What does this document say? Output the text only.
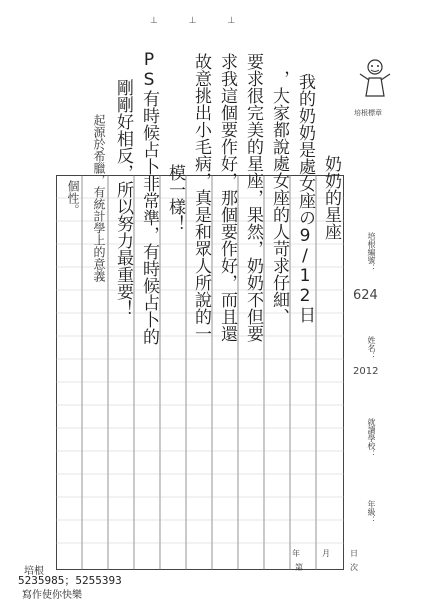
⊥ ⊥ ⊥
培根標章
奶奶的星座
我的奶奶是處女座の9/12日
，大家都說處女座的人苛求仔細、
要求很完美的星座，果然，奶奶不但要
求我這個要作好，那個要作好，而且還
故意挑出小毛病，真是和眾人所說的一
模一樣！
PS有時候占卜非常準，有時候占卜的
剛剛好相反，所以努力最重要！
起源於希臘，有統計學上的意義
個性。
培根編號：
624
姓名：
2012
就讀學校：
年級：
年	月	日
第	次
培根
5235985；5255393
寫作使你快樂
